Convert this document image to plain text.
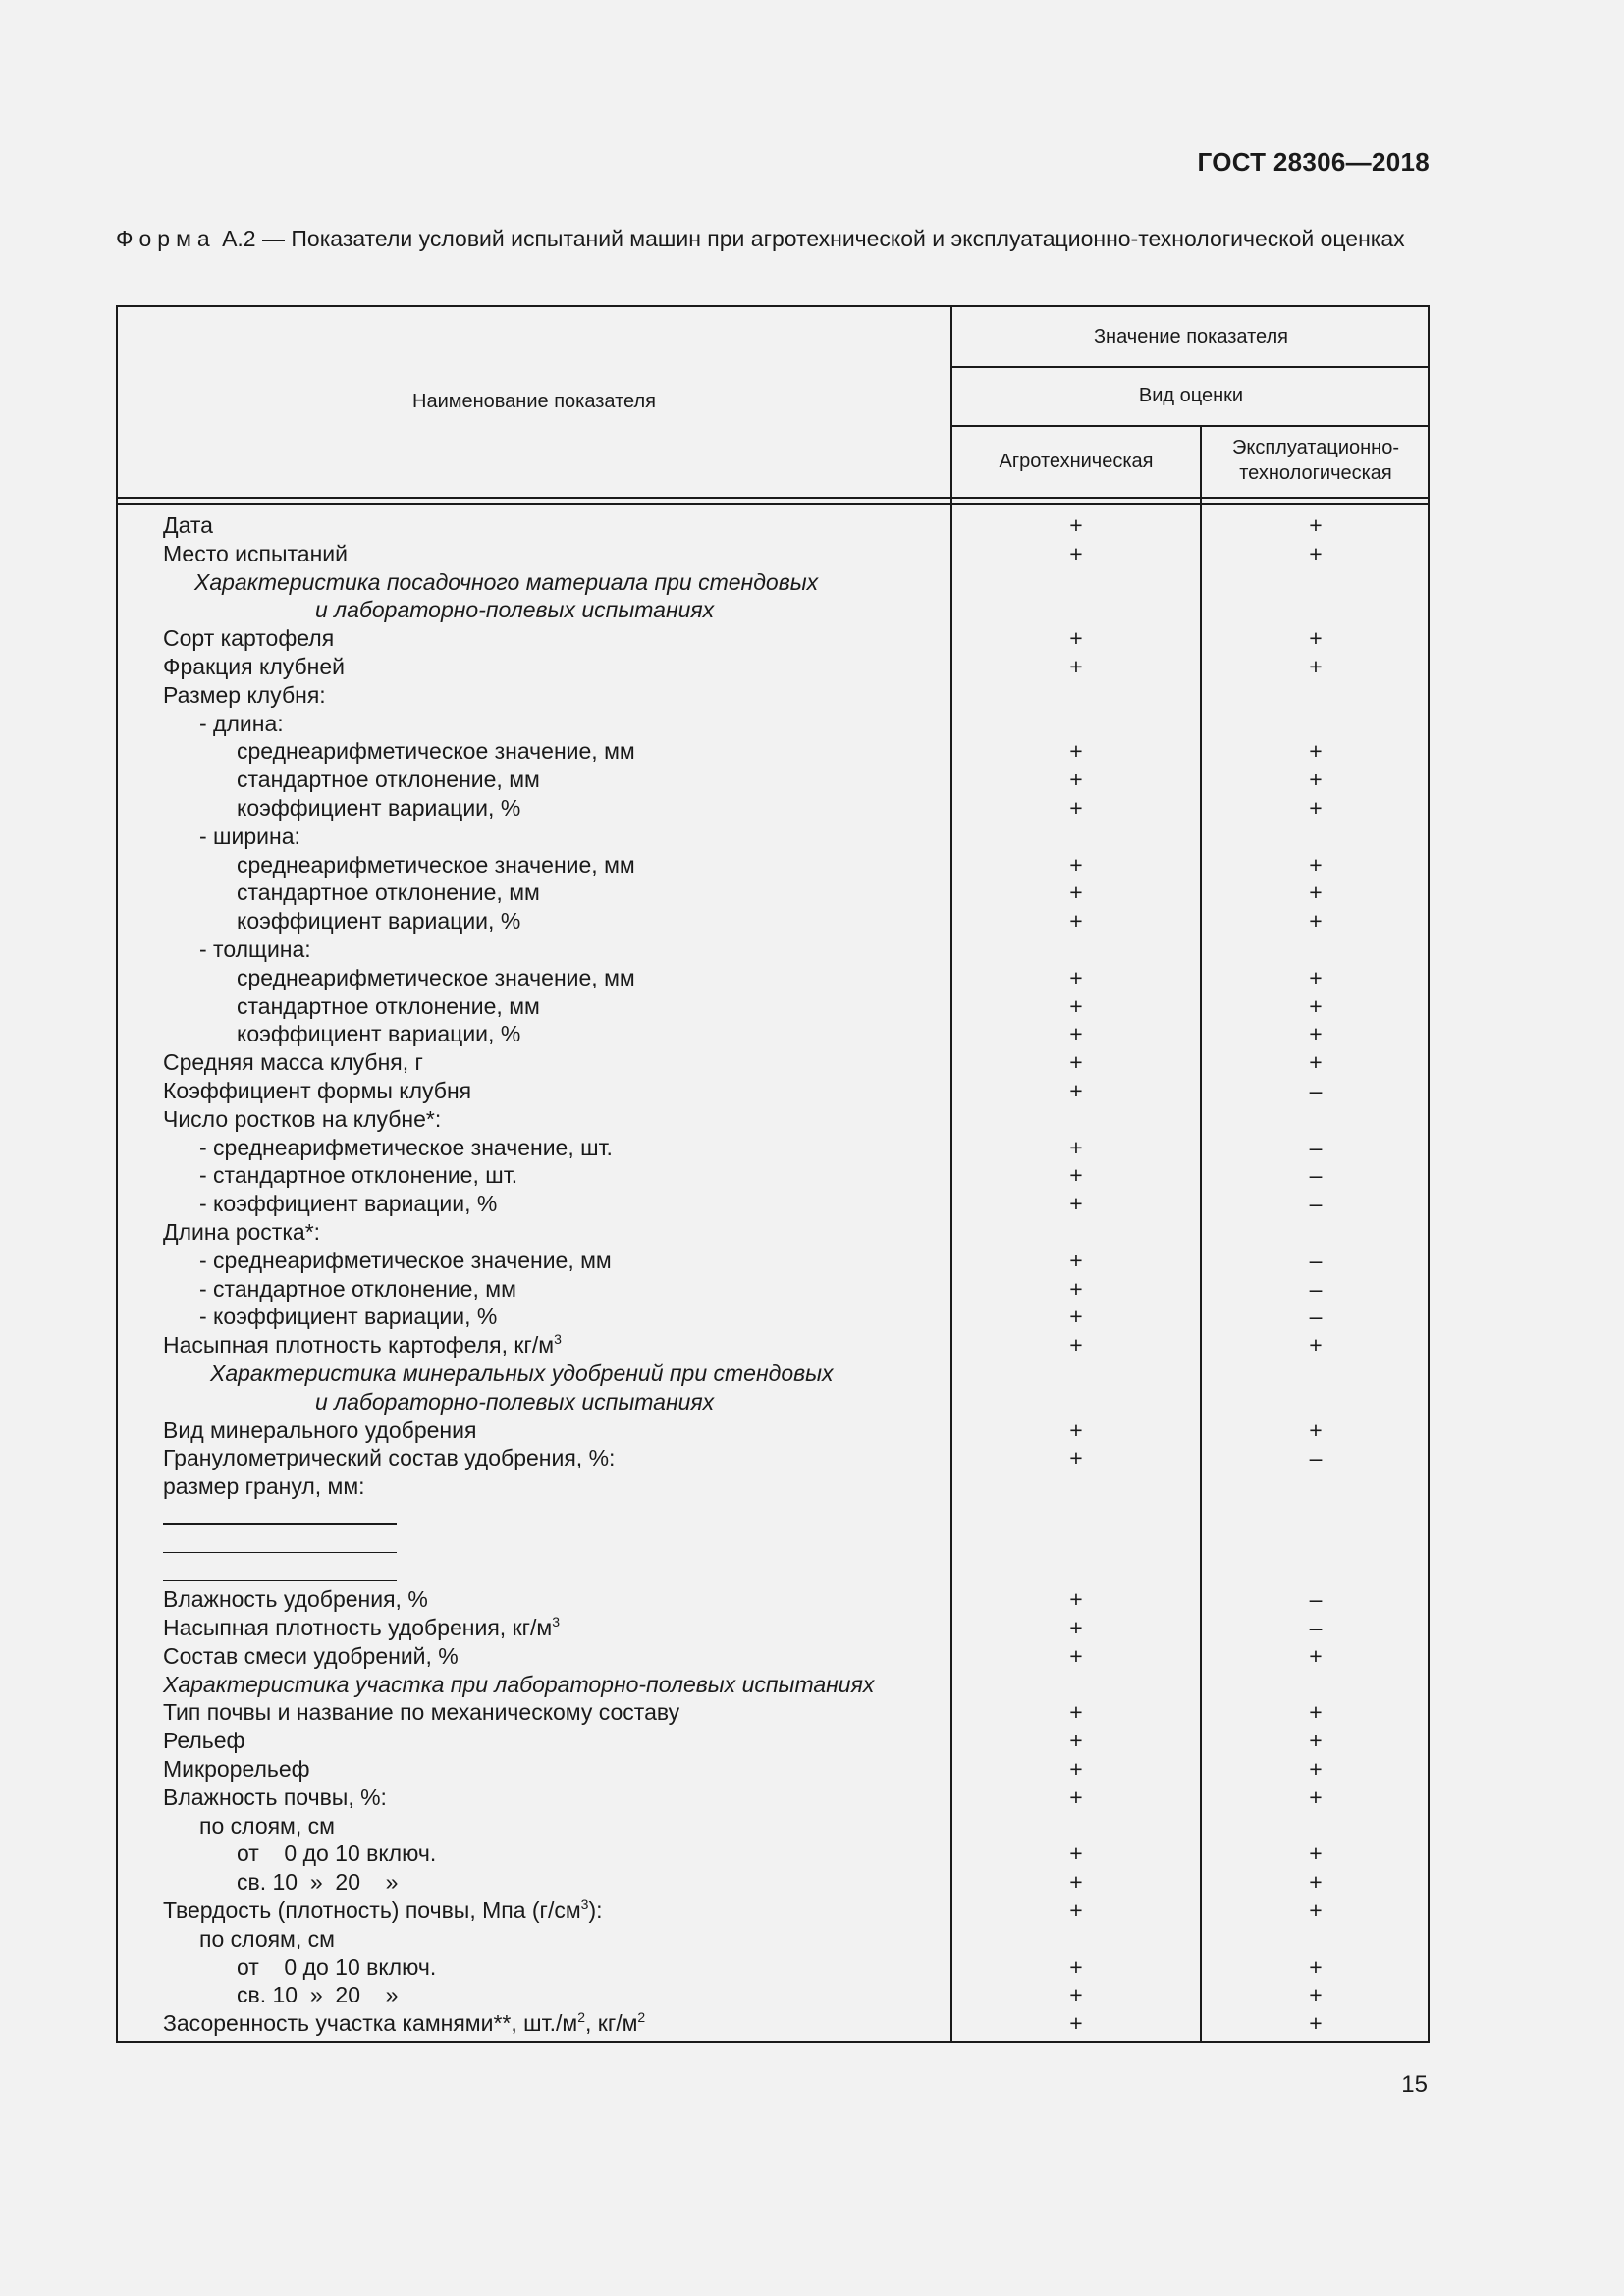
ГОСТ 28306—2018
Форма А.2 — Показатели условий испытаний машин при агротехнической и эксплуатационно-технологической оценках
Наименование показателя
Значение показателя
Вид оценки
Агротехническая
Эксплуатационно-
технологическая
Дата	+	+
Место испытаний	+	+
Характеристика посадочного материала при стендовых
и лабораторно-полевых испытаниях
Сорт картофеля	+	+
Фракция клубней	+	+
Размер клубня:
- длина:
среднеарифметическое значение, мм	+	+
стандартное отклонение, мм	+	+
коэффициент вариации, %	+	+
- ширина:
среднеарифметическое значение, мм	+	+
стандартное отклонение, мм	+	+
коэффициент вариации, %	+	+
- толщина:
среднеарифметическое значение, мм	+	+
стандартное отклонение, мм	+	+
коэффициент вариации, %	+	+
Средняя масса клубня, г	+	+
Коэффициент формы клубня	+	–
Число ростков на клубне*:
- среднеарифметическое значение, шт.	+	–
- стандартное отклонение, шт.	+	–
- коэффициент вариации, %	+	–
Длина ростка*:
- среднеарифметическое значение, мм	+	–
- стандартное отклонение, мм	+	–
- коэффициент вариации, %	+	–
Насыпная плотность картофеля, $кг/м^3$	+	+
Характеристика минеральных удобрений при стендовых
и лабораторно-полевых испытаниях
Вид минерального удобрения	+	+
Гранулометрический состав удобрения, %:	+	–
размер гранул, мм:
Влажность удобрения, %	+	–
Насыпная плотность удобрения, $кг/м^3$	+	–
Состав смеси удобрений, %	+	+
Характеристика участка при лабораторно-полевых испытаниях
Тип почвы и название по механическому составу	+	+
Рельеф	+	+
Микрорельеф	+	+
Влажность почвы, %:	+	+
по слоям, см
от    0 до 10 включ.	+	+
св. 10  »  20    »	+	+
Твердость (плотность) почвы, Мпа $(г/см^3)$:	+	+
по слоям, см
от    0 до 10 включ.	+	+
св. 10  »  20    »	+	+
Засоренность участка камнями**, $шт./м^2$, $кг/м^2$	+	+
15
